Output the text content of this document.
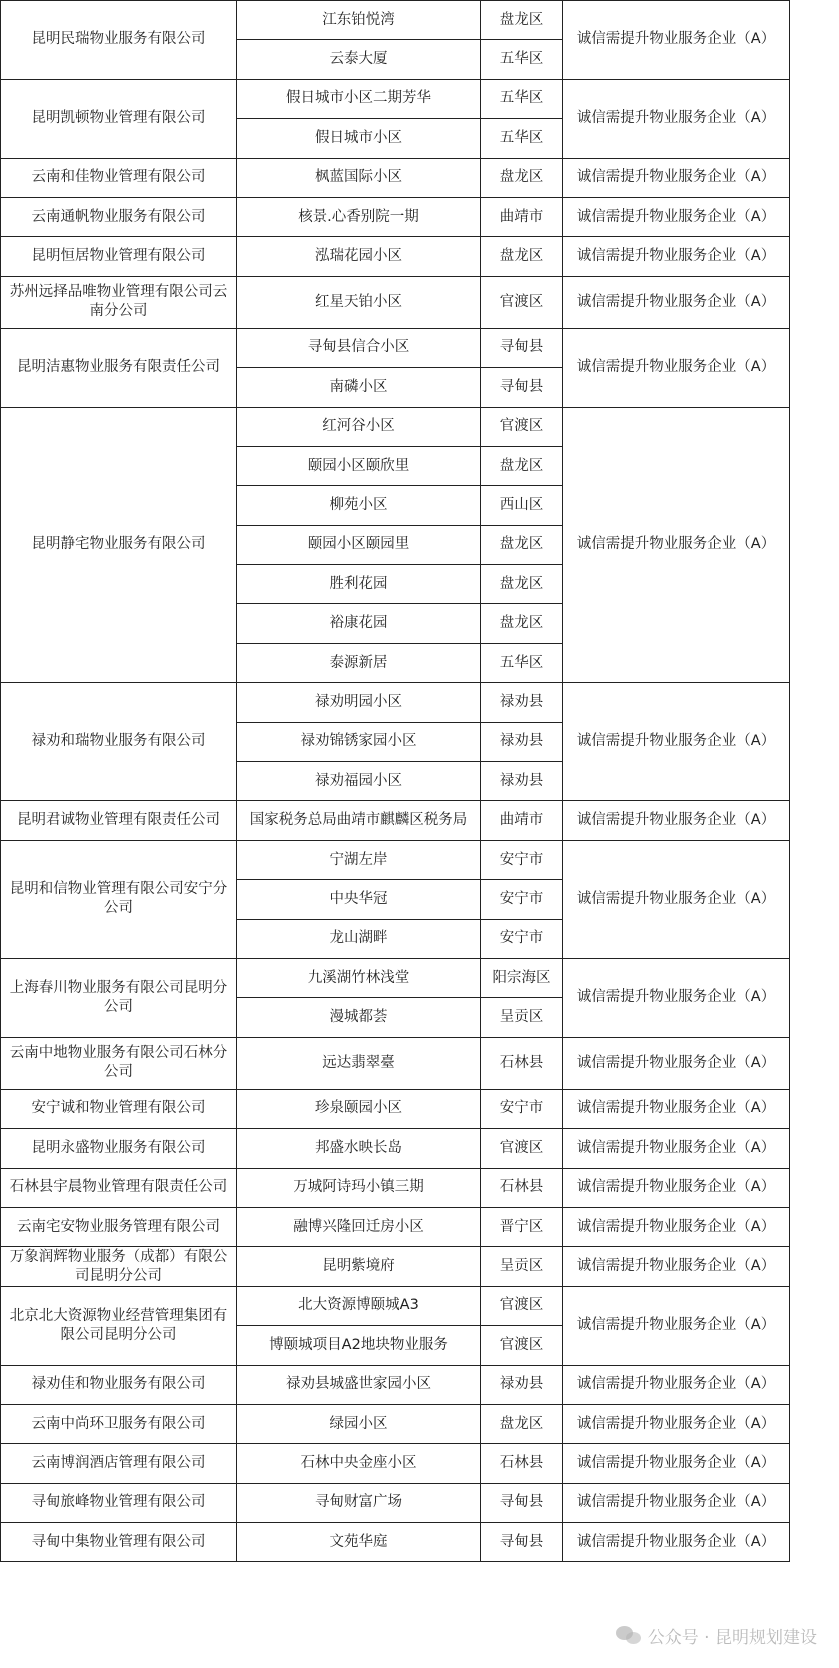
昆明民瑞物业服务有限公司	江东铂悦湾	盘龙区	诚信需提升物业服务企业（A）
	云泰大厦	五华区	
昆明凯顿物业管理有限公司	假日城市小区二期芳华	五华区	诚信需提升物业服务企业（A）
	假日城市小区	五华区	
云南和佳物业管理有限公司	枫蓝国际小区	盘龙区	诚信需提升物业服务企业（A）
云南通帆物业服务有限公司	核景.心香别院一期	曲靖市	诚信需提升物业服务企业（A）
昆明恒居物业管理有限公司	泓瑞花园小区	盘龙区	诚信需提升物业服务企业（A）
苏州远择品唯物业管理有限公司云南分公司	红星天铂小区	官渡区	诚信需提升物业服务企业（A）
昆明洁惠物业服务有限责任公司	寻甸县信合小区	寻甸县	诚信需提升物业服务企业（A）
	南磷小区	寻甸县	
昆明静宅物业服务有限公司	红河谷小区	官渡区	诚信需提升物业服务企业（A）
	颐园小区颐欣里	盘龙区	
	柳苑小区	西山区	
	颐园小区颐园里	盘龙区	
	胜利花园	盘龙区	
	裕康花园	盘龙区	
	泰源新居	五华区	
禄劝和瑞物业服务有限公司	禄劝明园小区	禄劝县	诚信需提升物业服务企业（A）
	禄劝锦锈家园小区	禄劝县	
	禄劝福园小区	禄劝县	
昆明君诚物业管理有限责任公司	国家税务总局曲靖市麒麟区税务局	曲靖市	诚信需提升物业服务企业（A）
昆明和信物业管理有限公司安宁分公司	宁湖左岸	安宁市	诚信需提升物业服务企业（A）
	中央华冠	安宁市	
	龙山湖畔	安宁市	
上海春川物业服务有限公司昆明分公司	九溪湖竹林浅堂	阳宗海区	诚信需提升物业服务企业（A）
	漫城都荟	呈贡区	
云南中地物业服务有限公司石林分公司	远达翡翠臺	石林县	诚信需提升物业服务企业（A）
安宁诚和物业管理有限公司	珍泉颐园小区	安宁市	诚信需提升物业服务企业（A）
昆明永盛物业服务有限公司	邦盛水映长岛	官渡区	诚信需提升物业服务企业（A）
石林县宇晨物业管理有限责任公司	万城阿诗玛小镇三期	石林县	诚信需提升物业服务企业（A）
云南宅安物业服务管理有限公司	融博兴隆回迁房小区	晋宁区	诚信需提升物业服务企业（A）
万象润辉物业服务（成都）有限公司昆明分公司	昆明紫境府	呈贡区	诚信需提升物业服务企业（A）
北京北大资源物业经营管理集团有限公司昆明分公司	北大资源博颐城A3	官渡区	诚信需提升物业服务企业（A）
	博颐城项目A2地块物业服务	官渡区	
禄劝佳和物业服务有限公司	禄劝县城盛世家园小区	禄劝县	诚信需提升物业服务企业（A）
云南中尚环卫服务有限公司	绿园小区	盘龙区	诚信需提升物业服务企业（A）
云南博润酒店管理有限公司	石林中央金座小区	石林县	诚信需提升物业服务企业（A）
寻甸旅峰物业管理有限公司	寻甸财富广场	寻甸县	诚信需提升物业服务企业（A）
寻甸中集物业管理有限公司	文苑华庭	寻甸县	诚信需提升物业服务企业（A）
公众号 · 昆明规划建设
